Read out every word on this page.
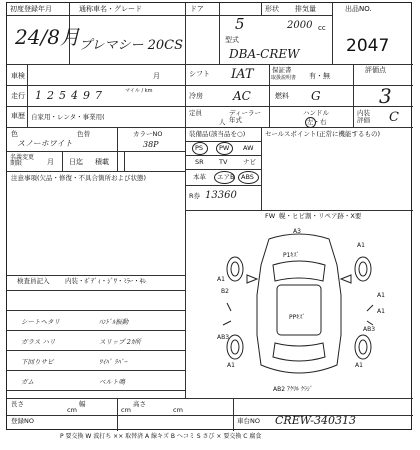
初度登録年月
24/8月
通称車名・グレード
プレマシー 20CS
ドア
5
形状 排気量
2000 cc
出品NO.
2047
型式
DBA-CREW
車検	月	シフト IAT	保証書
取扱説明書 有・無
評価点
3
走行 125497	マイル / km
冷房	AC	燃料 G
車歴 自家用・レンタ・事業用(	定員
人
ディーラー 年式
ハンドル
左・右
内装 評価	C
色
スノーホワイト
色替	カラーNO
38P
名義変更 期限	月 日迄 積載
注意事項(欠品・修復・不具合箇所および状態)
装備品(該当品を○)	セールスポイント(正常に機能するもの)
PS PW AW
SR TV ナビ
本革 エアB ABS
R券 13360
FW 幌・ヒビ割・リペア跡・X要
検査員記入 内装・ﾎﾞﾃﾞｨ・ｼﾞﾜ・ﾐﾗｰ・ｷﾚ
シートヘタリ	ﾊﾝﾄﾞﾙ振動
ガラス ハリ	スリップ 2ｶ所
下回りサビ	ﾜｲﾊﾟ ﾗﾊﾞｰ
ガム	ベルト鳴
A3
P1ｷｽﾞ
A1
A1
B2
A1
A1
PPｷｽﾞ
AB3
AB3
A1	A1
AB2 ｱｸﾘﾙ ｸﾗｼﾞ
長さ
cm
幅
cm
高さ
cm
登録NO	車台NO CREW-340313
P 要交換 W 波打ち ×× 取替済 A 線キズ B へコミ S さび × 要交換 C 腐食
